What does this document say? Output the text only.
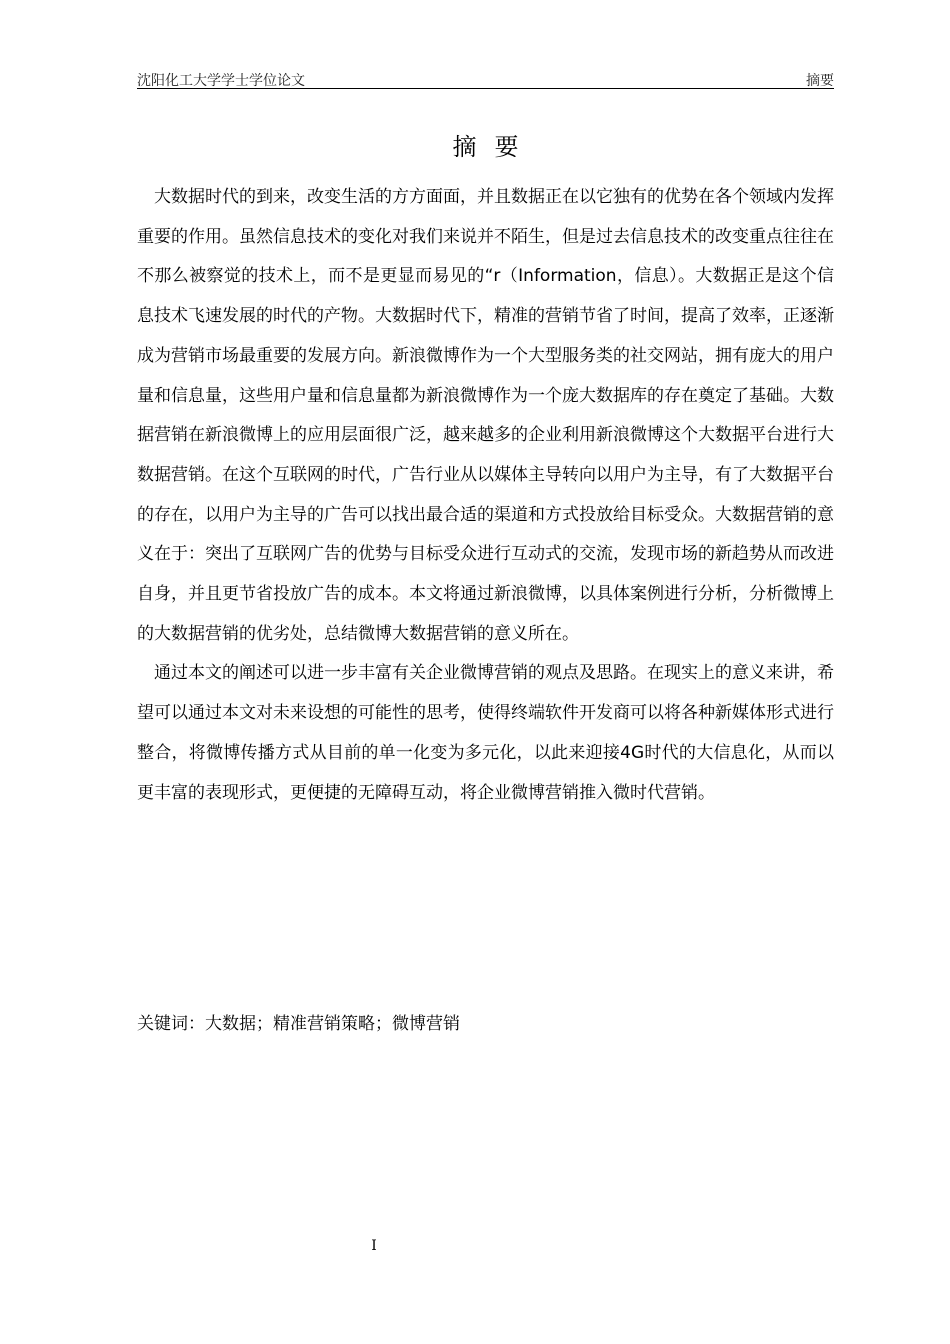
沈阳化工大学学士学位论文	摘要
摘要

大数据时代的到来，改变生活的方方面面，并且数据正在以它独有的优势在各个领域内发挥重要的作用。虽然信息技术的变化对我们来说并不陌生，但是过去信息技术的改变重点往往在不那么被察觉的技术上，而不是更显而易见的“r（Information，信息）。大数据正是这个信息技术飞速发展的时代的产物。大数据时代下，精准的营销节省了时间，提高了效率，正逐渐成为营销市场最重要的发展方向。新浪微博作为一个大型服务类的社交网站，拥有庞大的用户量和信息量，这些用户量和信息量都为新浪微博作为一个庞大数据库的存在奠定了基础。大数据营销在新浪微博上的应用层面很广泛，越来越多的企业利用新浪微博这个大数据平台进行大数据营销。在这个互联网的时代，广告行业从以媒体主导转向以用户为主导，有了大数据平台的存在，以用户为主导的广告可以找出最合适的渠道和方式投放给目标受众。大数据营销的意义在于：突出了互联网广告的优势与目标受众进行互动式的交流，发现市场的新趋势从而改进自身，并且更节省投放广告的成本。本文将通过新浪微博，以具体案例进行分析，分析微博上的大数据营销的优劣处，总结微博大数据营销的意义所在。

通过本文的阐述可以进一步丰富有关企业微博营销的观点及思路。在现实上的意义来讲，希望可以通过本文对未来设想的可能性的思考，使得终端软件开发商可以将各种新媒体形式进行整合，将微博传播方式从目前的单一化变为多元化，以此来迎接4G时代的大信息化，从而以更丰富的表现形式，更便捷的无障碍互动，将企业微博营销推入微时代营销。

关键词：大数据；精准营销策略；微博营销
I
